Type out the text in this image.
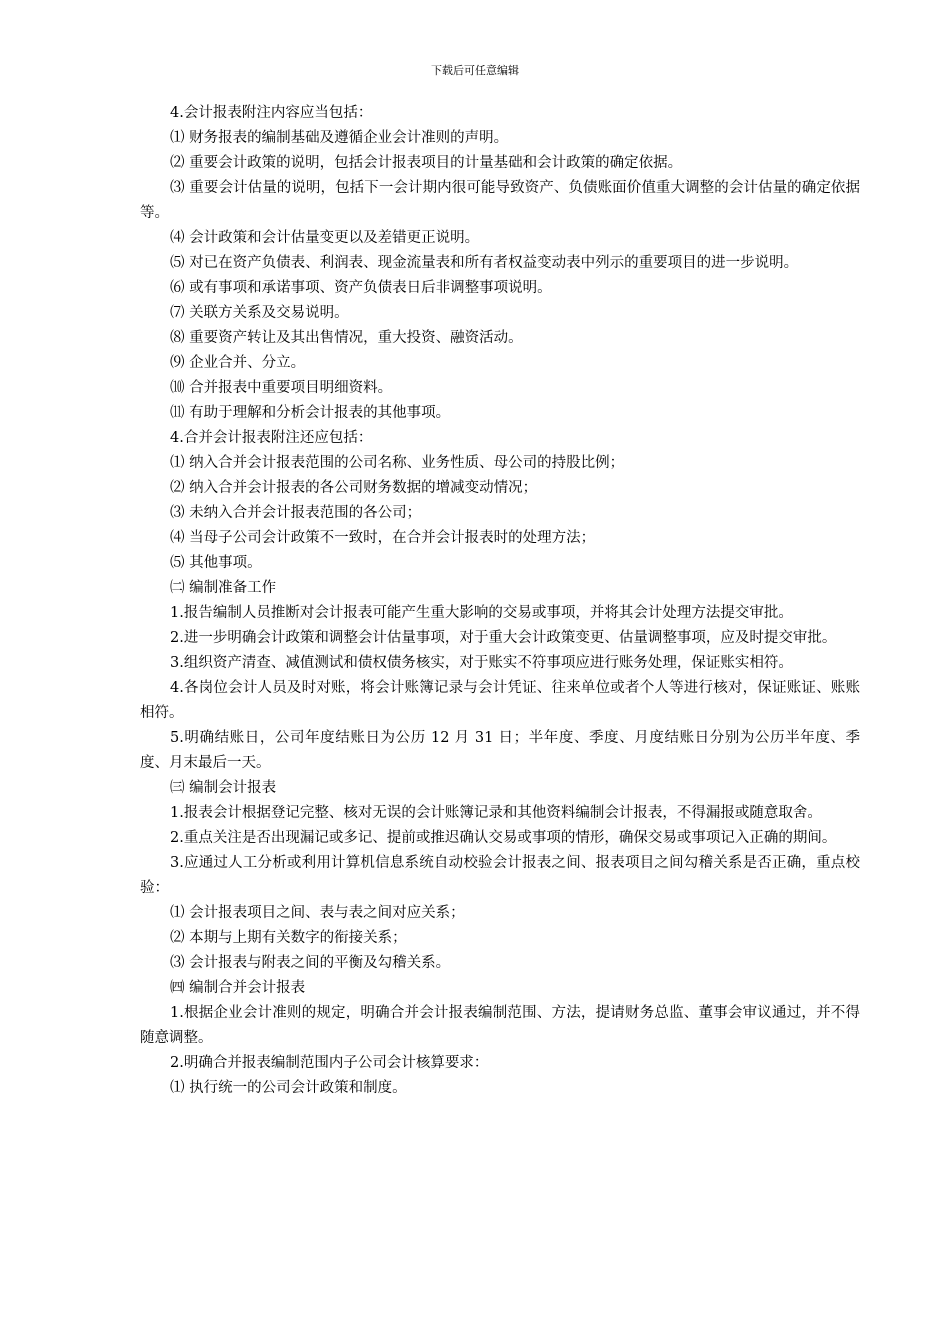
下载后可任意编辑

4.会计报表附注内容应当包括：

⑴ 财务报表的编制基础及遵循企业会计准则的声明。

⑵ 重要会计政策的说明，包括会计报表项目的计量基础和会计政策的确定依据。

⑶ 重要会计估量的说明，包括下一会计期内很可能导致资产、负债账面价值重大调整的会计估量的确定依据等。

⑷ 会计政策和会计估量变更以及差错更正说明。

⑸ 对已在资产负债表、利润表、现金流量表和所有者权益变动表中列示的重要项目的进一步说明。

⑹ 或有事项和承诺事项、资产负债表日后非调整事项说明。

⑺ 关联方关系及交易说明。

⑻ 重要资产转让及其出售情况，重大投资、融资活动。

⑼ 企业合并、分立。

⑽ 合并报表中重要项目明细资料。

⑾ 有助于理解和分析会计报表的其他事项。

4.合并会计报表附注还应包括：

⑴ 纳入合并会计报表范围的公司名称、业务性质、母公司的持股比例；

⑵ 纳入合并会计报表的各公司财务数据的增减变动情况；

⑶ 未纳入合并会计报表范围的各公司；

⑷ 当母子公司会计政策不一致时，在合并会计报表时的处理方法；

⑸ 其他事项。

㈡ 编制准备工作

1.报告编制人员推断对会计报表可能产生重大影响的交易或事项，并将其会计处理方法提交审批。

2.进一步明确会计政策和调整会计估量事项，对于重大会计政策变更、估量调整事项，应及时提交审批。

3.组织资产清查、减值测试和债权债务核实，对于账实不符事项应进行账务处理，保证账实相符。

4.各岗位会计人员及时对账，将会计账簿记录与会计凭证、往来单位或者个人等进行核对，保证账证、账账相符。

5.明确结账日，公司年度结账日为公历 12 月 31 日；半年度、季度、月度结账日分别为公历半年度、季度、月末最后一天。

㈢ 编制会计报表

1.报表会计根据登记完整、核对无误的会计账簿记录和其他资料编制会计报表，不得漏报或随意取舍。

2.重点关注是否出现漏记或多记、提前或推迟确认交易或事项的情形，确保交易或事项记入正确的期间。

3.应通过人工分析或利用计算机信息系统自动校验会计报表之间、报表项目之间勾稽关系是否正确，重点校验：

⑴ 会计报表项目之间、表与表之间对应关系；

⑵ 本期与上期有关数字的衔接关系；

⑶ 会计报表与附表之间的平衡及勾稽关系。

㈣ 编制合并会计报表

1.根据企业会计准则的规定，明确合并会计报表编制范围、方法，提请财务总监、董事会审议通过，并不得随意调整。

2.明确合并报表编制范围内子公司会计核算要求：

⑴ 执行统一的公司会计政策和制度。
